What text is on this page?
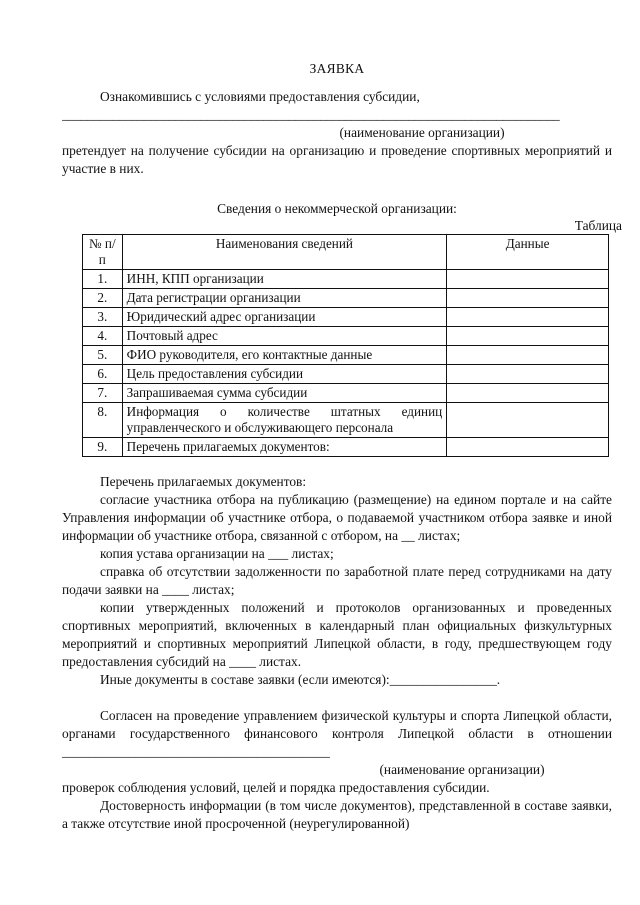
ЗАЯВКА

Ознакомившись с условиями предоставления субсидии,

_______________________________________________________________________________

(наименование организации)

претендует на получение субсидии на организацию и проведение спортивных мероприятий и участие в них.

Сведения о некоммерческой организации:

Таблица

№ п/п	Наименования сведений	Данные
1.	ИНН, КПП организации	
2.	Дата регистрации организации	
3.	Юридический адрес организации	
4.	Почтовый адрес	
5.	ФИО руководителя, его контактные данные	
6.	Цель предоставления субсидии	
7.	Запрашиваемая сумма субсидии	
8.	Информация о количестве штатных единиц управленческого и обслуживающего персонала	
9.	Перечень прилагаемых документов:	

Перечень прилагаемых документов:

согласие участника отбора на публикацию (размещение) на едином портале и на сайте Управления информации об участнике отбора, о подаваемой участником отбора заявке и иной информации об участнике отбора, связанной с отбором, на __ листах;

копия устава организации на ___ листах;

справка об отсутствии задолженности по заработной плате перед сотрудниками на дату подачи заявки на ____ листах;

копии утвержденных положений и протоколов организованных и проведенных спортивных мероприятий, включенных в календарный план официальных физкультурных мероприятий и спортивных мероприятий Липецкой области, в году, предшествующем году предоставления субсидий на ____ листах.

Иные документы в составе заявки (если имеются):________________.

Согласен на проведение управлением физической культуры и спорта Липецкой области, органами государственного финансового контроля Липецкой области в отношении ________________________________________

(наименование организации)

проверок соблюдения условий, целей и порядка предоставления субсидии.

Достоверность информации (в том числе документов), представленной в составе заявки, а также отсутствие иной просроченной (неурегулированной)
